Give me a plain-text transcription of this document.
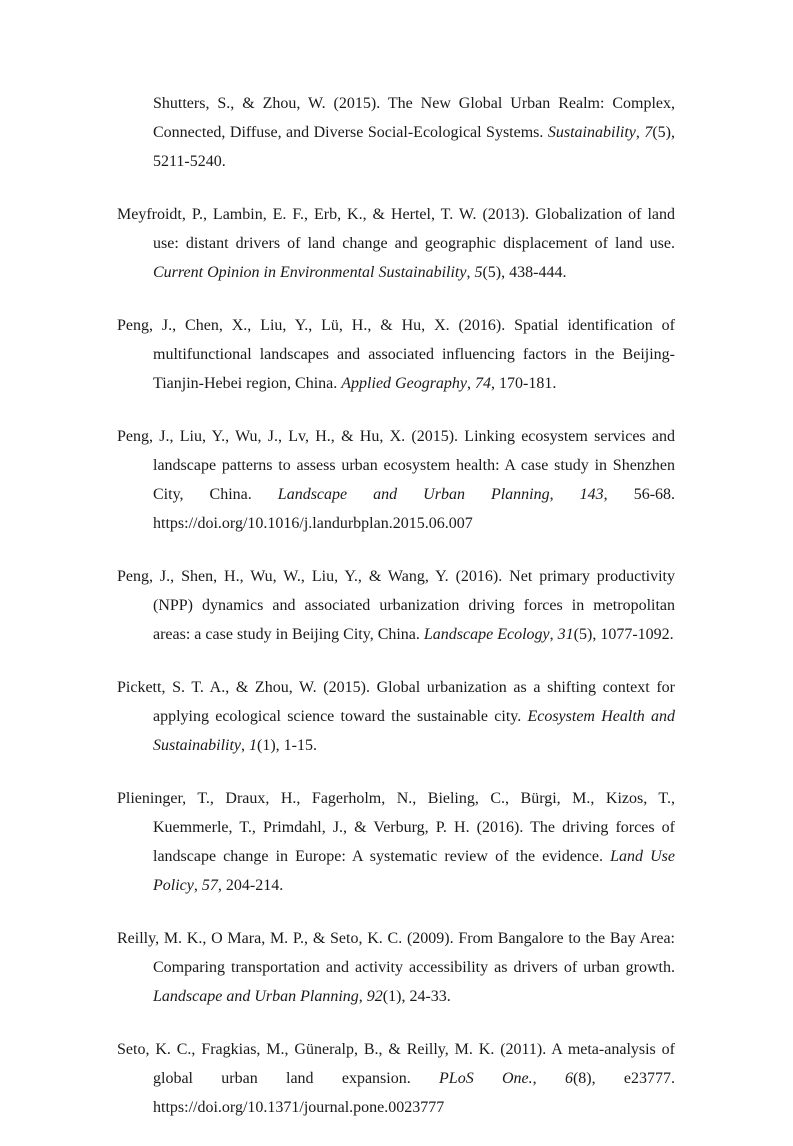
Shutters, S., & Zhou, W. (2015). The New Global Urban Realm: Complex, Connected, Diffuse, and Diverse Social-Ecological Systems. Sustainability, 7(5), 5211-5240.

Meyfroidt, P., Lambin, E. F., Erb, K., & Hertel, T. W. (2013). Globalization of land use: distant drivers of land change and geographic displacement of land use. Current Opinion in Environmental Sustainability, 5(5), 438-444.

Peng, J., Chen, X., Liu, Y., Lü, H., & Hu, X. (2016). Spatial identification of multifunctional landscapes and associated influencing factors in the Beijing-Tianjin-Hebei region, China. Applied Geography, 74, 170-181.

Peng, J., Liu, Y., Wu, J., Lv, H., & Hu, X. (2015). Linking ecosystem services and landscape patterns to assess urban ecosystem health: A case study in Shenzhen City, China. Landscape and Urban Planning, 143, 56-68. https://doi.org/10.1016/j.landurbplan.2015.06.007

Peng, J., Shen, H., Wu, W., Liu, Y., & Wang, Y. (2016). Net primary productivity (NPP) dynamics and associated urbanization driving forces in metropolitan areas: a case study in Beijing City, China. Landscape Ecology, 31(5), 1077-1092.

Pickett, S. T. A., & Zhou, W. (2015). Global urbanization as a shifting context for applying ecological science toward the sustainable city. Ecosystem Health and Sustainability, 1(1), 1-15.

Plieninger, T., Draux, H., Fagerholm, N., Bieling, C., Bürgi, M., Kizos, T., Kuemmerle, T., Primdahl, J., & Verburg, P. H. (2016). The driving forces of landscape change in Europe: A systematic review of the evidence. Land Use Policy, 57, 204-214.

Reilly, M. K., O Mara, M. P., & Seto, K. C. (2009). From Bangalore to the Bay Area: Comparing transportation and activity accessibility as drivers of urban growth. Landscape and Urban Planning, 92(1), 24-33.

Seto, K. C., Fragkias, M., Güneralp, B., & Reilly, M. K. (2011). A meta-analysis of global urban land expansion. PLoS One., 6(8), e23777. https://doi.org/10.1371/journal.pone.0023777
